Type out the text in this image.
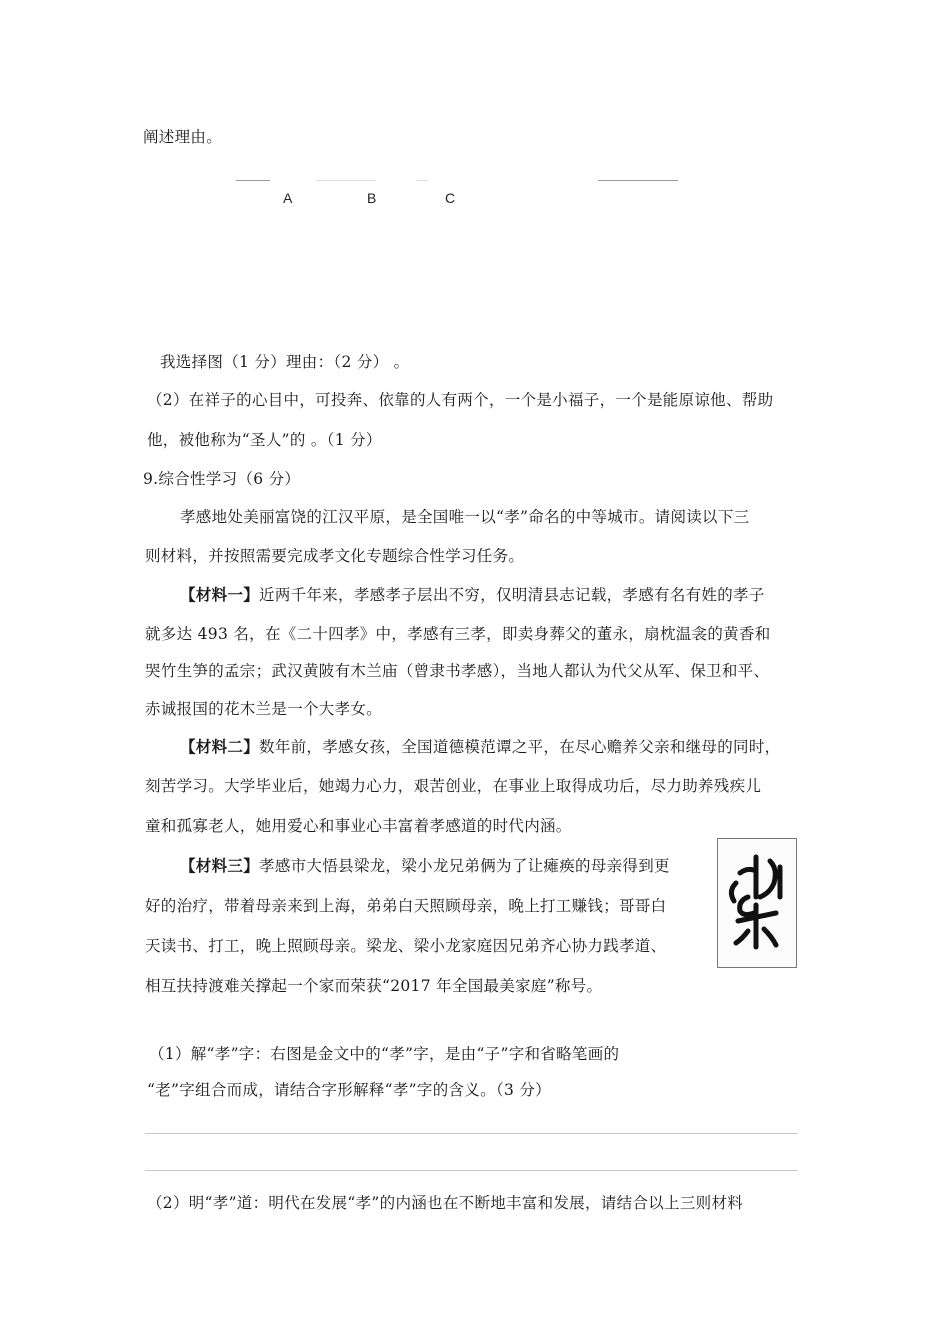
阐述理由。
A	B	C
我选择图（1 分）理由：（2 分） 。
（2）在祥子的心目中，可投奔、依靠的人有两个，一个是小福子，一个是能原谅他、帮助
他，被他称为“圣人”的 。（1 分）
9.综合性学习（6 分）
孝感地处美丽富饶的江汉平原，是全国唯一以“孝”命名的中等城市。请阅读以下三
则材料，并按照需要完成孝文化专题综合性学习任务。
【材料一】近两千年来，孝感孝子层出不穷，仅明清县志记载，孝感有名有姓的孝子
就多达 493 名，在《二十四孝》中，孝感有三孝，即卖身葬父的董永，扇枕温衾的黄香和
哭竹生笋的孟宗；武汉黄陂有木兰庙（曾隶书孝感），当地人都认为代父从军、保卫和平、
赤诚报国的花木兰是一个大孝女。
【材料二】数年前，孝感女孩，全国道德模范谭之平，在尽心赡养父亲和继母的同时，
刻苦学习。大学毕业后，她竭力心力，艰苦创业，在事业上取得成功后，尽力助养残疾儿
童和孤寡老人，她用爱心和事业心丰富着孝感道的时代内涵。
【材料三】孝感市大悟县梁龙，梁小龙兄弟俩为了让瘫痪的母亲得到更
好的治疗，带着母亲来到上海，弟弟白天照顾母亲，晚上打工赚钱；哥哥白
天读书、打工，晚上照顾母亲。梁龙、梁小龙家庭因兄弟齐心协力践孝道、
相互扶持渡难关撑起一个家而荣获“2017 年全国最美家庭”称号。
（1）解“孝”字：右图是金文中的“孝”字，是由“子”字和省略笔画的
“老”字组合而成，请结合字形解释“孝”字的含义。（3 分）
（2）明“孝”道：明代在发展“孝”的内涵也在不断地丰富和发展，请结合以上三则材料
